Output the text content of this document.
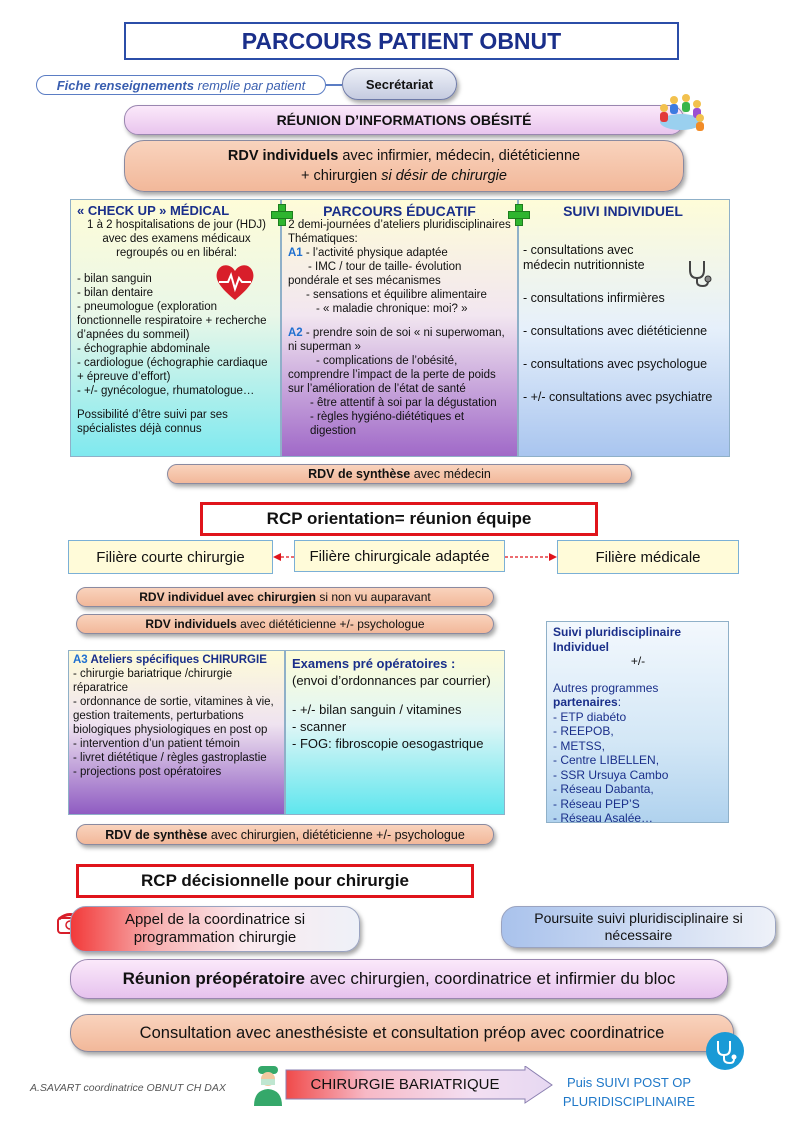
PARCOURS PATIENT OBNUT
Fiche renseignements
remplie par patient	Secrétariat
RÉUNION D’INFORMATIONS OBÉSITÉ
RDV individuels avec infirmier, médecin, diététicienne
+ chirurgien si désir de chirurgie

« CHECK UP » MÉDICAL

1 à 2 hospitalisations de jour (HDJ) avec des examens médicaux regroupés ou en libéral:

- bilan sanguin

- bilan dentaire

- pneumologue (exploration fonctionnelle respiratoire + recherche d’apnées du sommeil)

- échographie abdominale

- cardiologue (échographie cardiaque + épreuve d’effort)

- +/- gynécologue, rhumatologue…

Possibilité d’être suivi par ses spécialistes déjà connus

PARCOURS ÉDUCATIF

2 demi-journées d’ateliers pluridisciplinaires

Thématiques:

A1 - l’activité physique adaptée

- IMC / tour de taille- évolution pondérale et ses mécanismes

- sensations et équilibre alimentaire

- « maladie chronique: moi? »

A2 - prendre soin de soi « ni superwoman, ni superman »

- complications de l’obésité, comprendre l’impact de la perte de poids sur l’amélioration de l’état de santé

- être attentif à soi par la dégustation

- règles hygiéno-diététiques et digestion

SUIVI INDIVIDUEL

- consultations avec médecin nutritionniste

- consultations infirmières

- consultations avec diététicienne

- consultations avec psychologue

- +/- consultations avec psychiatre

RDV de synthèse
avec médecin
RCP orientation= réunion équipe
Filière courte chirurgie	Filière chirurgicale adaptée	Filière médicale
RDV individuel avec chirurgien
si non vu auparavant
RDV individuels
avec diététicienne +/- psychologue

A3 Ateliers spécifiques CHIRURGIE

- chirurgie bariatrique /chirurgie réparatrice

- ordonnance de sortie, vitamines à vie, gestion traitements, perturbations biologiques physiologiques en post op

- intervention d’un patient témoin

- livret diététique / règles gastroplastie

- projections post opératoires

Examens pré opératoires :

(envoi d’ordonnances par courrier)

- +/- bilan sanguin / vitamines

- scanner

- FOG: fibroscopie oesogastrique

Suivi pluridisciplinaire Individuel

+/-

Autres programmes partenaires:

- ETP diabéto

- REEPOB,

- METSS,

- Centre LIBELLEN,

- SSR Ursuya Cambo

- Réseau Dabanta,

- Réseau PEP’S

- Réseau Asalée…

RDV de synthèse
avec chirurgien, diététicienne +/- psychologue
RCP décisionnelle pour chirurgie
Appel de la coordinatrice si programmation chirurgie
Poursuite suivi pluridisciplinaire si nécessaire
Réunion préopératoire
avec chirurgien, coordinatrice et infirmier du bloc
Consultation avec anesthésiste et consultation préop avec coordinatrice
CHIRURGIE BARIATRIQUE	Puis SUIVI POST OP PLURIDISCIPLINAIRE
A.SAVART coordinatrice OBNUT CH DAX
